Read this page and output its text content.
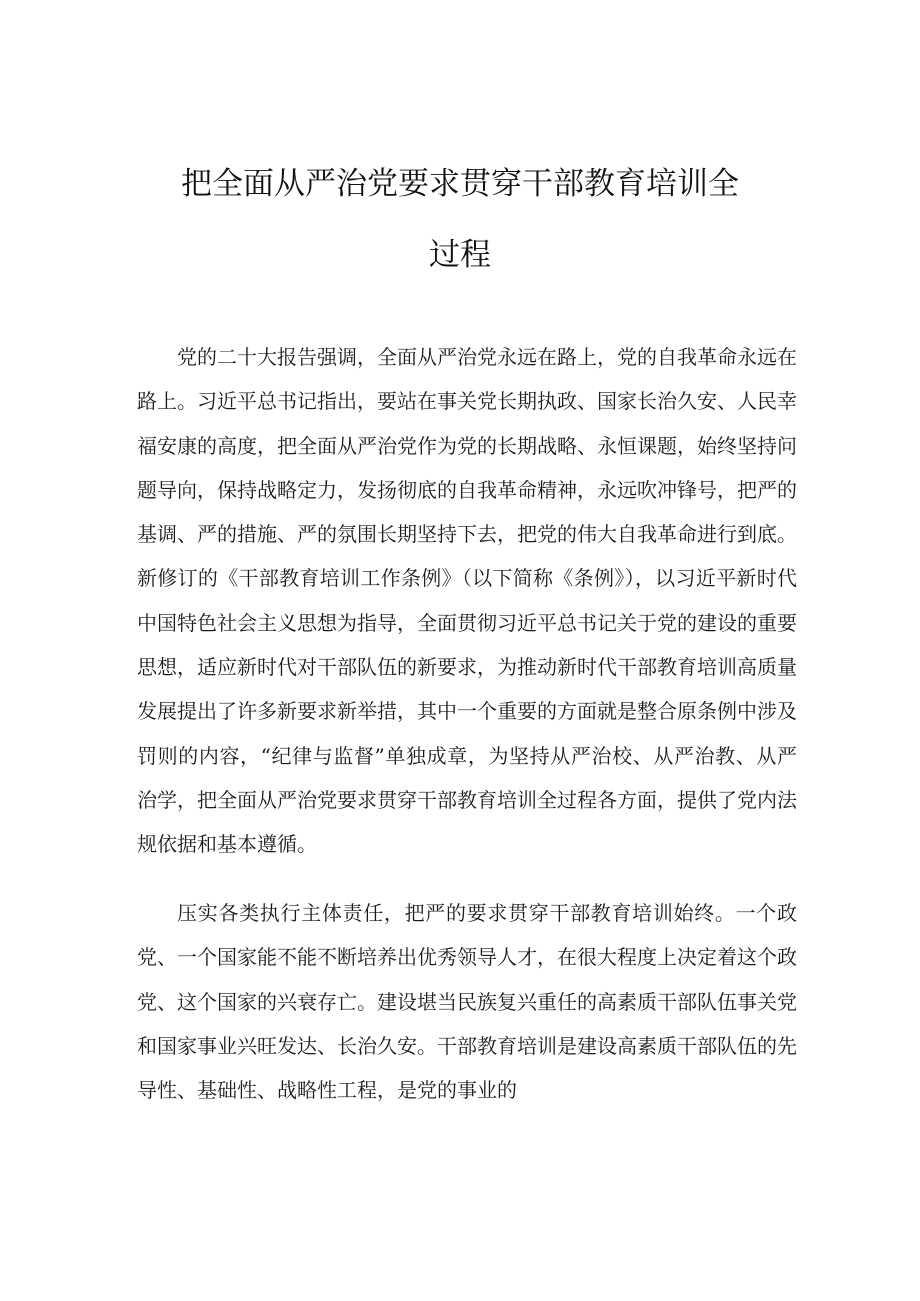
把全面从严治党要求贯穿干部教育培训全
过程

党的二十大报告强调，全面从严治党永远在路上，党的自我革命永远在路上。习近平总书记指出，要站在事关党长期执政、国家长治久安、人民幸福安康的高度，把全面从严治党作为党的长期战略、永恒课题，始终坚持问题导向，保持战略定力，发扬彻底的自我革命精神，永远吹冲锋号，把严的基调、严的措施、严的氛围长期坚持下去，把党的伟大自我革命进行到底。新修订的《干部教育培训工作条例》（以下简称《条例》），以习近平新时代中国特色社会主义思想为指导，全面贯彻习近平总书记关于党的建设的重要思想，适应新时代对干部队伍的新要求，为推动新时代干部教育培训高质量发展提出了许多新要求新举措，其中一个重要的方面就是整合原条例中涉及罚则的内容，“纪律与监督”单独成章，为坚持从严治校、从严治教、从严治学，把全面从严治党要求贯穿干部教育培训全过程各方面，提供了党内法规依据和基本遵循。

压实各类执行主体责任，把严的要求贯穿干部教育培训始终。一个政党、一个国家能不能不断培养出优秀领导人才，在很大程度上决定着这个政党、这个国家的兴衰存亡。建设堪当民族复兴重任的高素质干部队伍事关党和国家事业兴旺发达、长治久安。干部教育培训是建设高素质干部队伍的先导性、基础性、战略性工程，是党的事业的
